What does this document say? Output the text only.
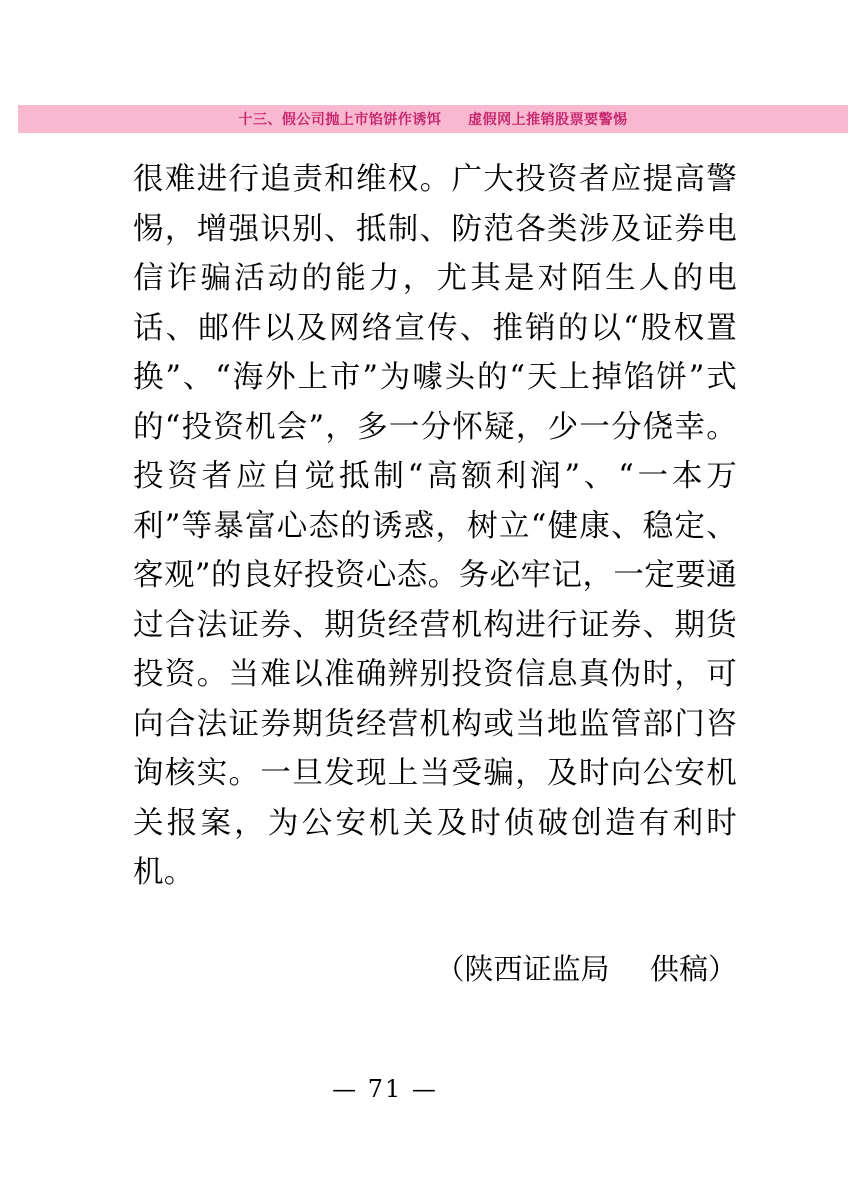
十三、假公司抛上市馅饼作诱饵 虚假网上推销股票要警惕

很难进行追责和维权。广大投资者应提高警惕，增强识别、抵制、防范各类涉及证券电信诈骗活动的能力，尤其是对陌生人的电话、邮件以及网络宣传、推销的以“股权置换”、“海外上市”为噱头的“天上掉馅饼”式的“投资机会”，多一分怀疑，少一分侥幸。投资者应自觉抵制“高额利润”、“一本万利”等暴富心态的诱惑，树立“健康、稳定、客观”的良好投资心态。务必牢记，一定要通过合法证券、期货经营机构进行证券、期货投资。当难以准确辨别投资信息真伪时，可向合法证券期货经营机构或当地监管部门咨询核实。一旦发现上当受骗，及时向公安机关报案，为公安机关及时侦破创造有利时机。

（陕西证监局 供稿）
— 71 —
